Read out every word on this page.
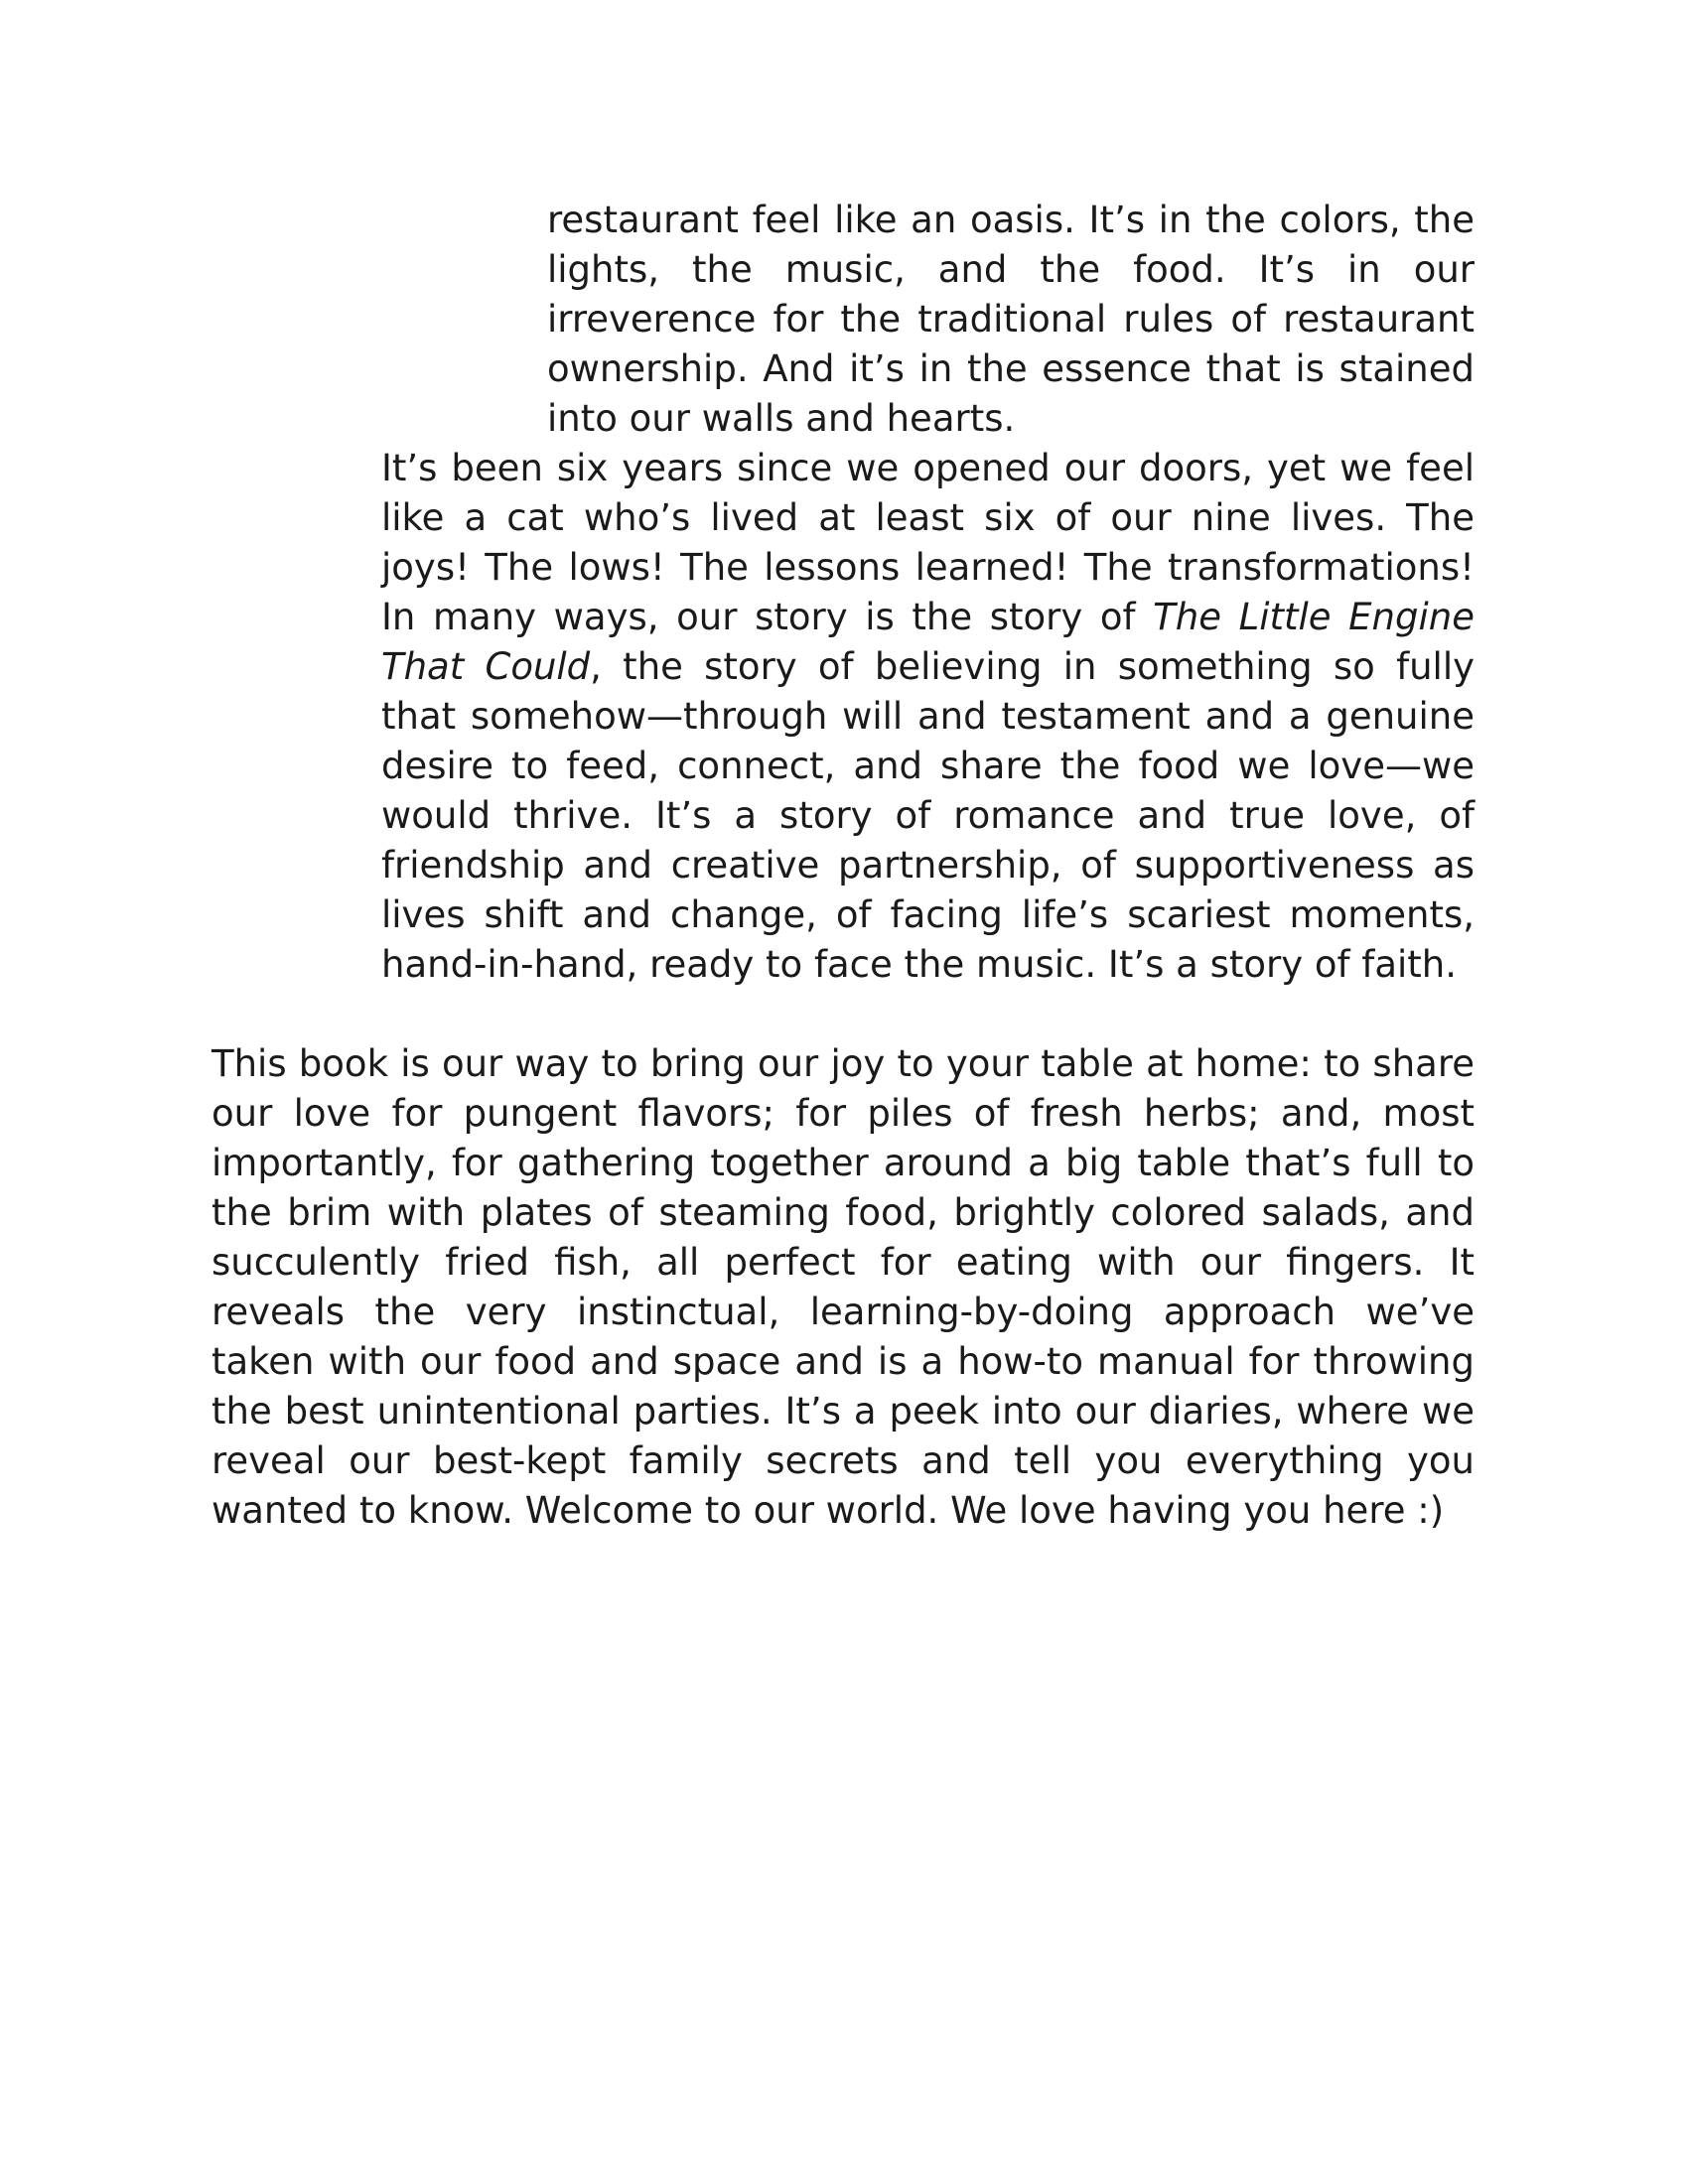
restaurant feel like an oasis. It’s in the colors, the lights, the music, and the food. It’s in our irreverence for the traditional rules of restaurant ownership. And it’s in the essence that is stained into our walls and hearts.

It’s been six years since we opened our doors, yet we feel like a cat who’s lived at least six of our nine lives. The joys! The lows! The lessons learned! The transformations! In many ways, our story is the story of The Little Engine That Could, the story of believing in something so fully that somehow—through will and testament and a genuine desire to feed, connect, and share the food we love—we would thrive. It’s a story of romance and true love, of friendship and creative partnership, of supportiveness as lives shift and change, of facing life’s scariest moments, hand-in-hand, ready to face the music. It’s a story of faith.

This book is our way to bring our joy to your table at home: to share our love for pungent flavors; for piles of fresh herbs; and, most importantly, for gathering together around a big table that’s full to the brim with plates of steaming food, brightly colored salads, and succulently fried fish, all perfect for eating with our fingers. It reveals the very instinctual, learning-by-doing approach we’ve taken with our food and space and is a how-to manual for throwing the best unintentional parties. It’s a peek into our diaries, where we reveal our best-kept family secrets and tell you everything you wanted to know. Welcome to our world. We love having you here :)
